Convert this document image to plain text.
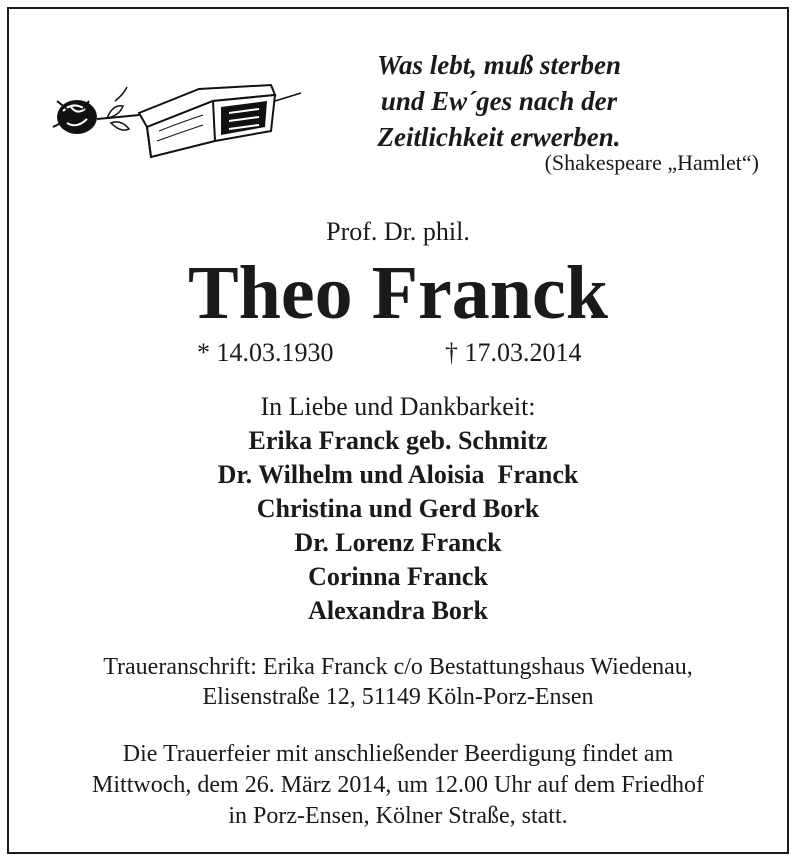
Was lebt, muß sterben
und Ew´ges nach der
Zeitlichkeit erwerben.
(Shakespeare „Hamlet“)
Prof. Dr. phil.
Theo Franck
* 14.03.1930	† 17.03.2014
In Liebe und Dankbarkeit:
Erika Franck geb. Schmitz
Dr. Wilhelm und Aloisia  Franck
Christina und Gerd Bork
Dr. Lorenz Franck
Corinna Franck
Alexandra Bork
Traueranschrift: Erika Franck c/o Bestattungshaus Wiedenau,
Elisenstraße 12, 51149 Köln-Porz-Ensen
Die Trauerfeier mit anschließender Beerdigung findet am
Mittwoch, dem 26. März 2014, um 12.00 Uhr auf dem Friedhof
in Porz-Ensen, Kölner Straße, statt.
